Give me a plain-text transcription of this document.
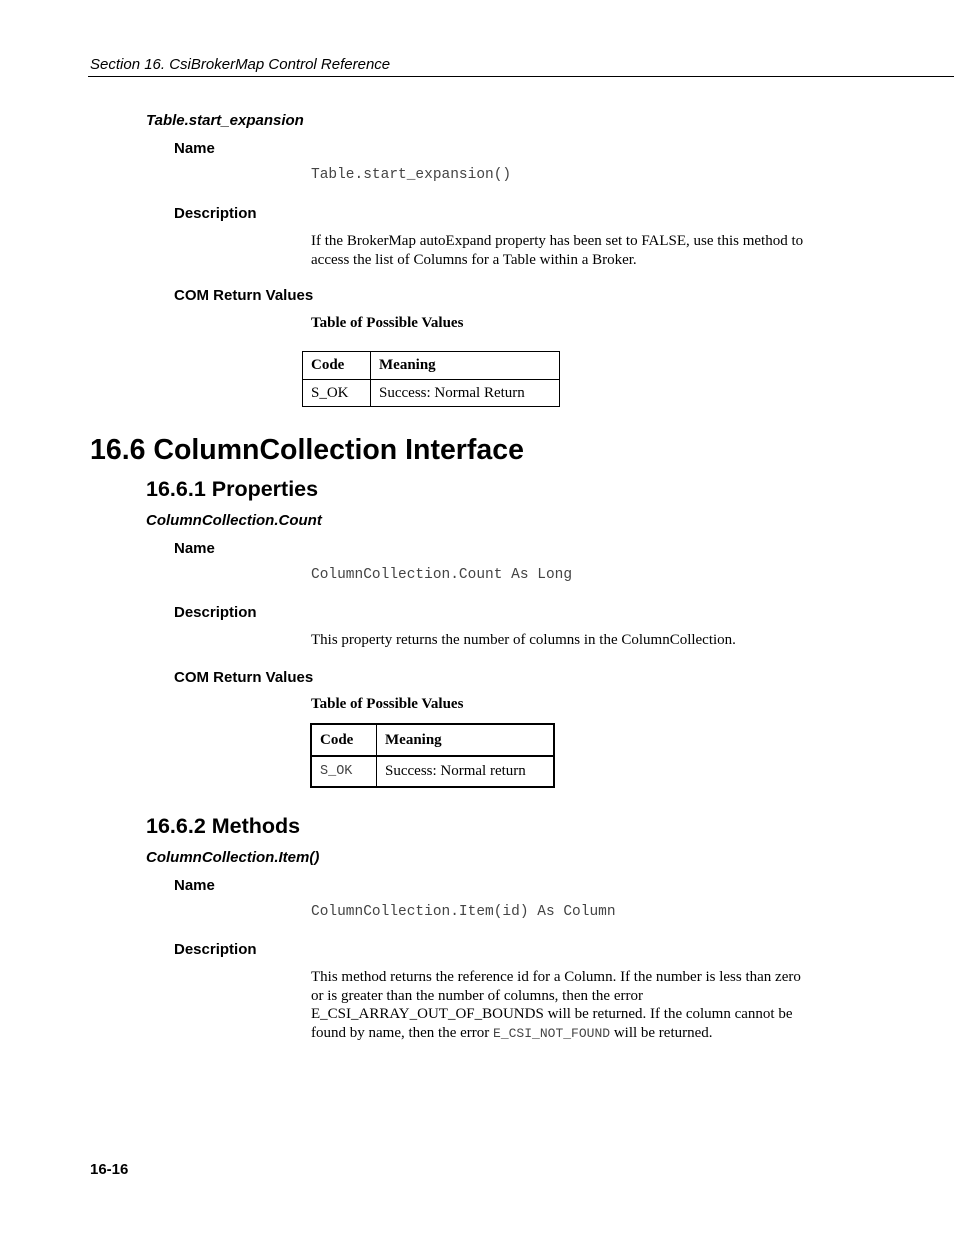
Section 16. CsiBrokerMap Control Reference
Table.start_expansion
Name
Table.start_expansion()
Description
If the BrokerMap autoExpand property has been set to FALSE, use this method to access the list of Columns for a Table within a Broker.
COM Return Values
Table of Possible Values
Code	Meaning
S_OK	Success: Normal Return
16.6 ColumnCollection Interface
16.6.1 Properties
ColumnCollection.Count
Name
ColumnCollection.Count As Long
Description
This property returns the number of columns in the ColumnCollection.
COM Return Values
Table of Possible Values
Code	Meaning
S_OK	Success: Normal return
16.6.2 Methods
ColumnCollection.Item()
Name
ColumnCollection.Item(id) As Column
Description
This method returns the reference id for a Column. If the number is less than zero or is greater than the number of columns, then the error E_CSI_ARRAY_OUT_OF_BOUNDS will be returned. If the column cannot be found by name, then the error E_CSI_NOT_FOUND will be returned.
16-16
